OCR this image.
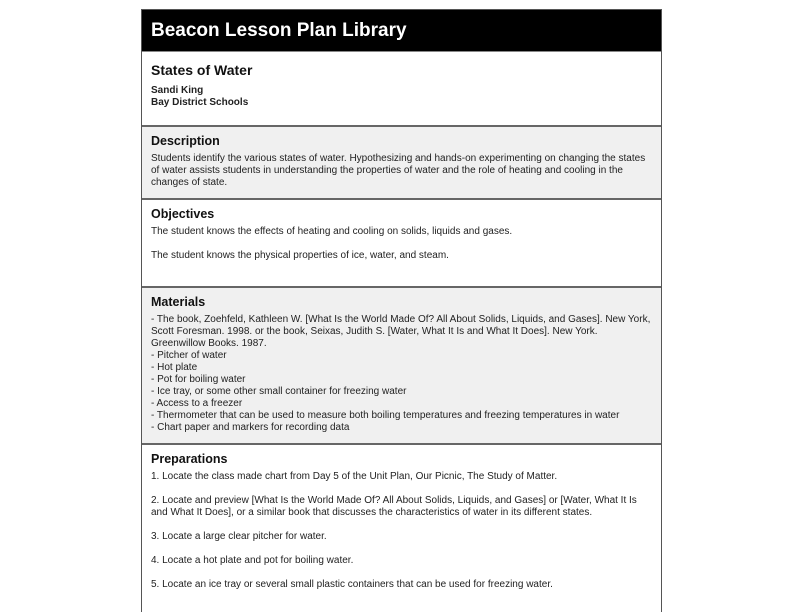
Beacon Lesson Plan Library
States of Water
Sandi King
Bay District Schools
Description
Students identify the various states of water. Hypothesizing and hands-on experimenting on changing the states of water assists students in understanding the properties of water and the role of heating and cooling in the changes of state.
Objectives

The student knows the effects of heating and cooling on solids, liquids and gases.

The student knows the physical properties of ice, water, and steam.

Materials
- The book, Zoehfeld, Kathleen W. [What Is the World Made Of? All About Solids, Liquids, and Gases]. New York, Scott Foresman. 1998. or the book, Seixas, Judith S. [Water, What It Is and What It Does]. New York. Greenwillow Books. 1987.
- Pitcher of water
- Hot plate
- Pot for boiling water
- Ice tray, or some other small container for freezing water
- Access to a freezer
- Thermometer that can be used to measure both boiling temperatures and freezing temperatures in water
- Chart paper and markers for recording data
Preparations

1. Locate the class made chart from Day 5 of the Unit Plan, Our Picnic, The Study of Matter.

2. Locate and preview [What Is the World Made Of? All About Solids, Liquids, and Gases] or [Water, What It Is and What It Does], or a similar book that discusses the characteristics of water in its different states.

3. Locate a large clear pitcher for water.

4. Locate a hot plate and pot for boiling water.

5. Locate an ice tray or several small plastic containers that can be used for freezing water.
